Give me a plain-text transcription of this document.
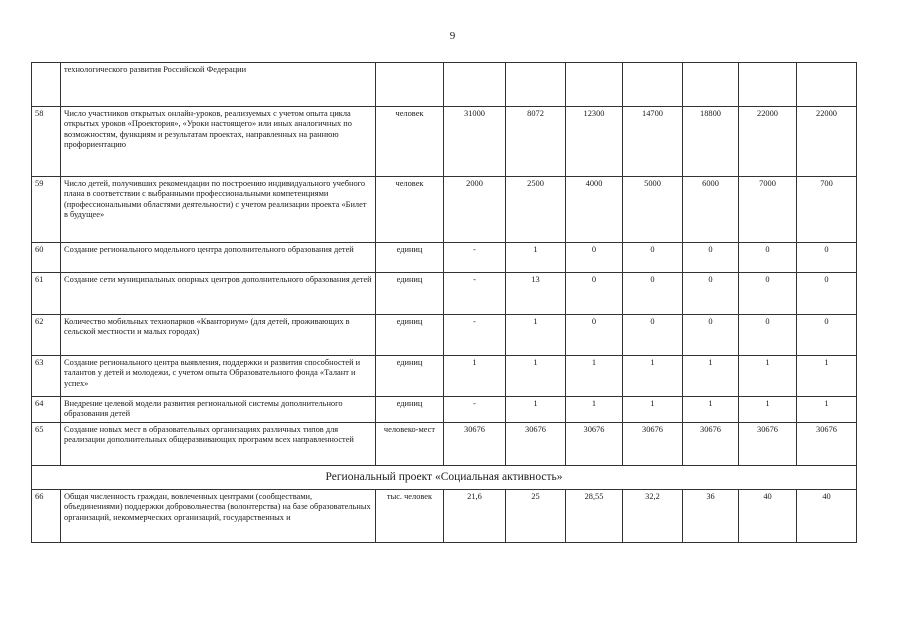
9
	технологического развития Российской Федерации								
58	Число участников открытых онлайн-уроков, реализуемых с учетом опыта цикла открытых уроков «Проектория», «Уроки настоящего» или иных аналогичных по возможностям, функциям и результатам проектах, направленных на раннюю профориентацию	человек	31000	8072	12300	14700	18800	22000	22000
59	Число детей, получивших рекомендации по построению индивидуального учебного плана в соответствии с выбранными профессиональными компетенциями (профессиональными областями деятельности) с учетом реализации проекта «Билет в будущее»	человек	2000	2500	4000	5000	6000	7000	700
60	Создание регионального модельного центра дополнительного образования детей	единиц	-	1	0	0	0	0	0
61	Создание сети муниципальных опорных центров дополнительного образования детей	единиц	-	13	0	0	0	0	0
62	Количество мобильных технопарков «Кванториум» (для детей, проживающих в сельской местности и малых городах)	единиц	-	1	0	0	0	0	0
63	Создание регионального центра выявления, поддержки и развития способностей и талантов у детей и молодежи, с учетом опыта Образовательного фонда «Талант и успех»	единиц	1	1	1	1	1	1	1
64	Внедрение целевой модели развития региональной системы дополнительного образования детей	единиц	-	1	1	1	1	1	1
65	Создание новых мест в образовательных организациях различных типов для реализации дополнительных общеразвивающих программ всех направленностей	человеко-мест	30676	30676	30676	30676	30676	30676	30676
Региональный проект «Социальная активность»									
66	Общая численность граждан, вовлеченных центрами (сообществами, объединениями) поддержки добровольчества (волонтерства) на базе образовательных организаций, некоммерческих организаций, государственных и	тыс. человек	21,6	25	28,55	32,2	36	40	40
